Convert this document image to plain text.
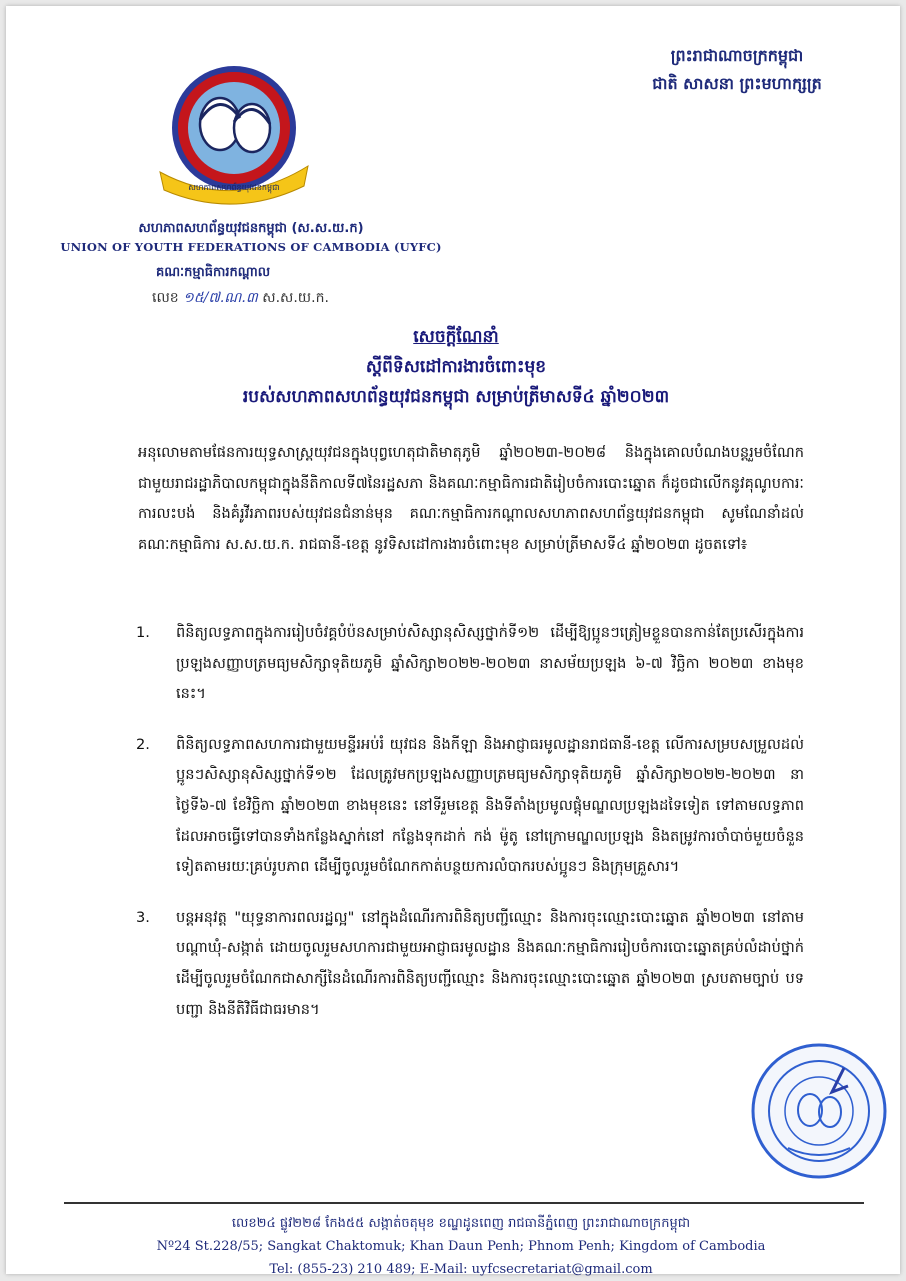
សហភាពសហព័ន្ធយុវជនកម្ពុជា
សហភាពសហព័ន្ធយុវជនកម្ពុជា (ស.ស.យ.ក)
UNION OF YOUTH FEDERATIONS OF CAMBODIA (UYFC)
គណៈកម្មាធិការកណ្ដាល
លេខ ១៥/៧.ណ.៣ ស.ស.យ.ក.
ព្រះរាជាណាចក្រកម្ពុជា
ជាតិ សាសនា ព្រះមហាក្សត្រ
សេចក្ដីណែនាំ
ស្ដីពីទិសដៅការងារចំពោះមុខ
របស់សហភាពសហព័ន្ធយុវជនកម្ពុជា សម្រាប់ត្រីមាសទី៤ ឆ្នាំ២០២៣
អនុលោមតាមផែនការយុទ្ធសាស្ត្រយុវជនក្នុងបុព្វហេតុជាតិមាតុភូមិ ឆ្នាំ២០២៣-២០២៨ និងក្នុងគោលបំណងបន្តរួមចំណែកជាមួយរាជរដ្ឋាភិបាលកម្ពុជាក្នុងនីតិកាលទី៧នៃរដ្ឋសភា និងគណៈកម្មាធិការជាតិរៀបចំការបោះឆ្នោត ក៏ដូចជាលើកនូវគុណូបការៈ ការលះបង់ និងគំរូវីរភាពរបស់យុវជនជំនាន់មុន គណៈកម្មាធិការកណ្ដាលសហភាពសហព័ន្ធយុវជនកម្ពុជា សូមណែនាំដល់ គណៈកម្មាធិការ ស.ស.យ.ក. រាជធានី-ខេត្ត នូវទិសដៅការងារចំពោះមុខ សម្រាប់ត្រីមាសទី៤ ឆ្នាំ២០២៣ ដូចតទៅ៖
1. ពិនិត្យលទ្ធភាពក្នុងការរៀបចំវគ្គបំប៉នសម្រាប់សិស្សានុសិស្សថ្នាក់ទី១២ ដើម្បីឱ្យប្អូនៗត្រៀមខ្លួនបានកាន់តែប្រសើរក្នុងការប្រឡងសញ្ញាបត្រមធ្យមសិក្សាទុតិយភូមិ ឆ្នាំសិក្សា២០២២-២០២៣ នាសម័យប្រឡង ៦-៧ វិច្ឆិកា ២០២៣ ខាងមុខនេះ។
2. ពិនិត្យលទ្ធភាពសហការជាមួយមន្ទីរអប់រំ យុវជន និងកីឡា និងអាជ្ញាធរមូលដ្ឋានរាជធានី-ខេត្ត លើការសម្របសម្រួលដល់ប្អូនៗសិស្សានុសិស្សថ្នាក់ទី១២ ដែលត្រូវមកប្រឡងសញ្ញាបត្រមធ្យមសិក្សាទុតិយភូមិ ឆ្នាំសិក្សា២០២២-២០២៣ នាថ្ងៃទី៦-៧ ខែវិច្ឆិកា ឆ្នាំ២០២៣ ខាងមុខនេះ នៅទីរួមខេត្ត និងទីតាំងប្រមូលផ្ដុំមណ្ឌលប្រឡងដទៃទៀត ទៅតាមលទ្ធភាពដែលអាចធ្វើទៅបានទាំងកន្លែងស្នាក់នៅ កន្លែងទុកដាក់ កង់ ម៉ូតូ នៅក្រោមណ្ឌលប្រឡង និងតម្រូវការចាំបាច់មួយចំនួនទៀតតាមរយៈគ្រប់រូបភាព ដើម្បីចូលរួមចំណែកកាត់បន្ថយការលំបាករបស់ប្អូនៗ និងក្រុមគ្រួសារ។
3. បន្តអនុវត្ត "យុទ្ធនាការពលរដ្ឋល្អ" នៅក្នុងដំណើរការពិនិត្យបញ្ជីឈ្មោះ និងការចុះឈ្មោះបោះឆ្នោត ឆ្នាំ២០២៣ នៅតាមបណ្ដាឃុំ-សង្កាត់ ដោយចូលរួមសហការជាមួយអាជ្ញាធរមូលដ្ឋាន និងគណៈកម្មាធិការរៀបចំការបោះឆ្នោតគ្រប់លំដាប់ថ្នាក់ ដើម្បីចូលរួមចំណែកជាសាក្សីនៃដំណើរការពិនិត្យបញ្ជីឈ្មោះ និងការចុះឈ្មោះបោះឆ្នោត ឆ្នាំ២០២៣ ស្របតាមច្បាប់ បទបញ្ជា និងនីតិវិធីជាធរមាន។
លេខ២៤ ផ្លូវ២២៨ កែង៥៥ សង្កាត់ចតុមុខ ខណ្ឌដូនពេញ រាជធានីភ្នំពេញ ព្រះរាជាណាចក្រកម្ពុជា
Nº24 St.228/55; Sangkat Chaktomuk; Khan Daun Penh; Phnom Penh; Kingdom of Cambodia
Tel: (855-23) 210 489; E-Mail: uyfcsecretariat@gmail.com
